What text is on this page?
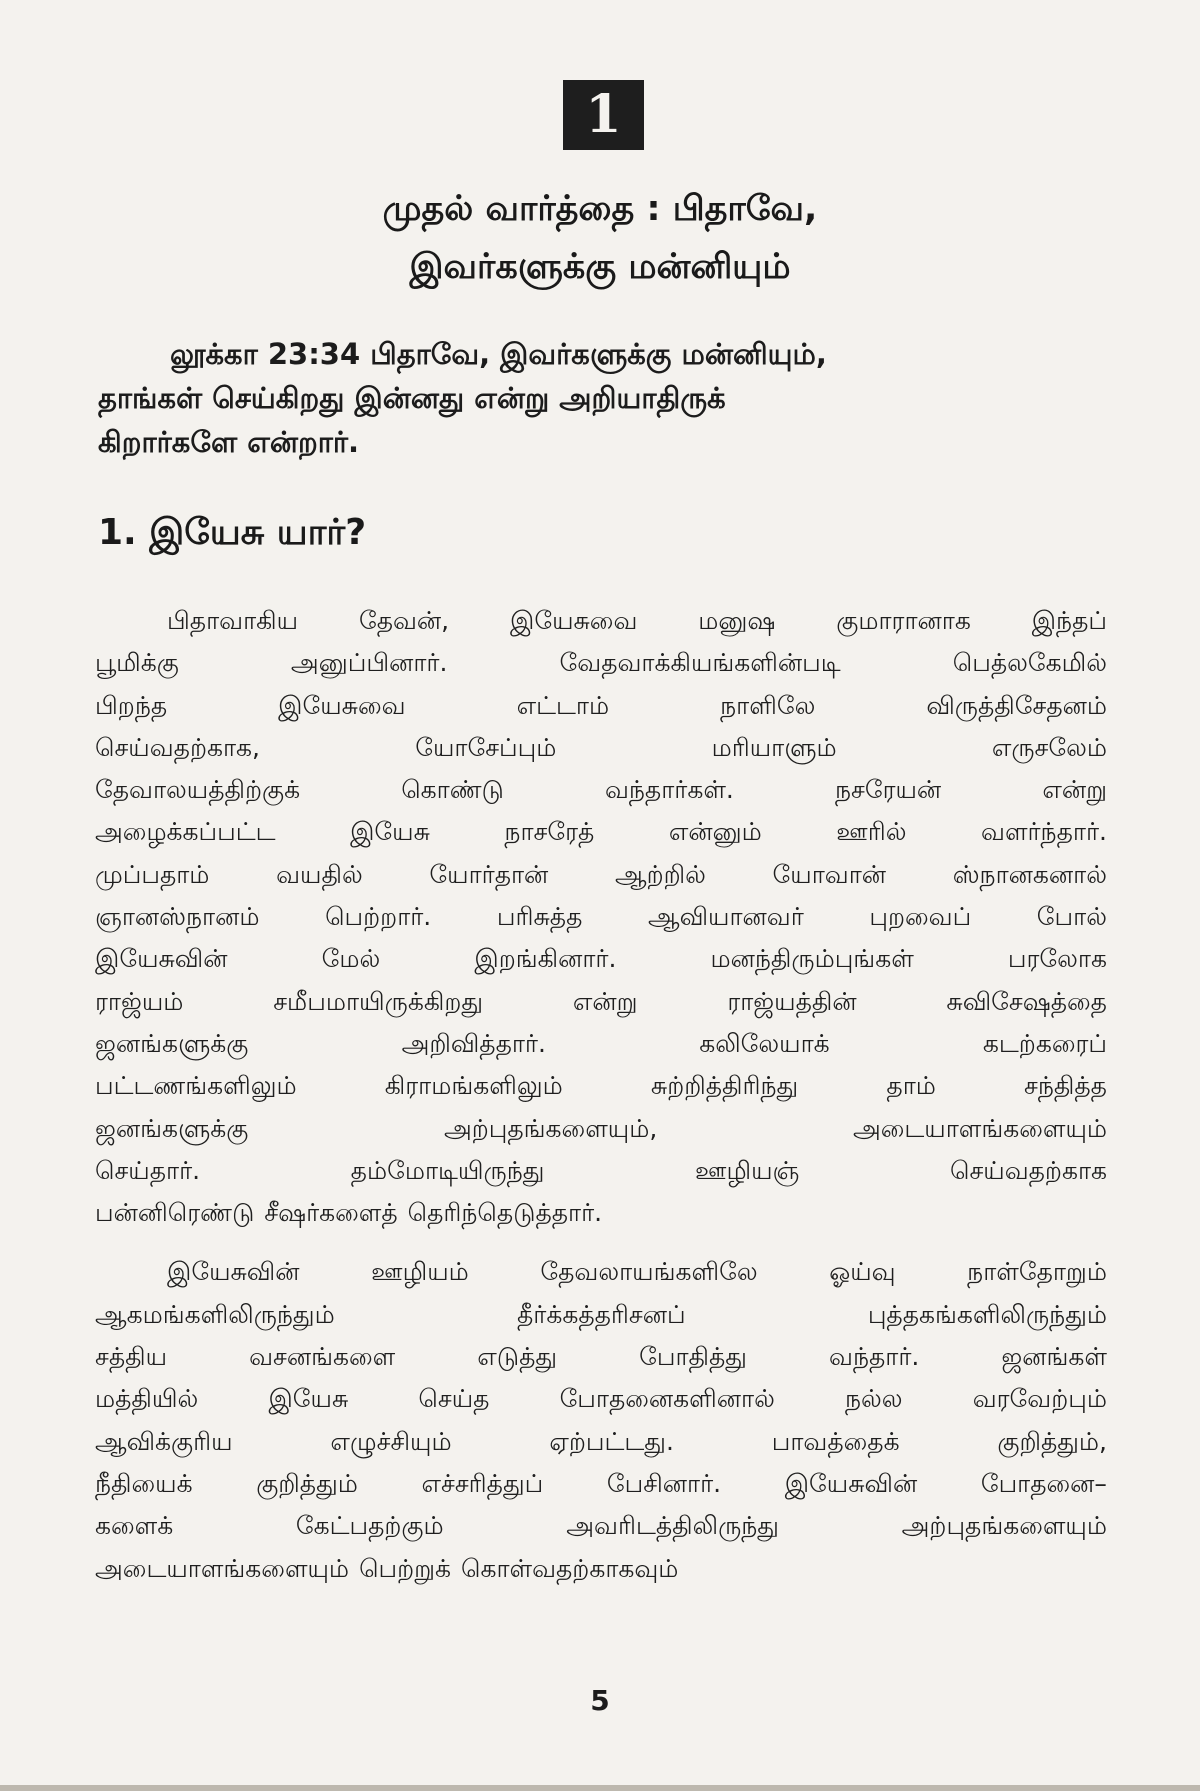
1
முதல் வார்த்தை : பிதாவே,
இவர்களுக்கு மன்னியும்
லூக்கா 23:34 பிதாவே, இவர்களுக்கு மன்னியும்,
தாங்கள் செய்கிறது இன்னது என்று அறியாதிருக்
கிறார்களே என்றார்.
1. இயேசு யார்?
பிதாவாகிய தேவன், இயேசுவை மனுஷ குமாரானாக இந்தப்
பூமிக்கு	அனுப்பினார்.	வேதவாக்கியங்களின்படி	பெத்லகேமில்
பிறந்த	இயேசுவை	எட்டாம்	நாளிலே	விருத்திசேதனம்
செய்வதற்காக,	யோசேப்பும்	மரியாளும்	எருசலேம்
தேவாலயத்திற்குக்	கொண்டு	வந்தார்கள்.	நசரேயன்	என்று
அழைக்கப்பட்ட	இயேசு	நாசரேத்	என்னும்	ஊரில்	வளர்ந்தார்.
முப்பதாம்	வயதில்	யோர்தான்	ஆற்றில்	யோவான்	ஸ்நானகனால்
ஞானஸ்நானம்	பெற்றார்.	பரிசுத்த	ஆவியானவர்	புறவைப்	போல்
இயேசுவின்	மேல்	இறங்கினார்.	மனந்திரும்புங்கள்	பரலோக
ராஜ்யம்	சமீபமாயிருக்கிறது	என்று	ராஜ்யத்தின்	சுவிசேஷத்தை
ஜனங்களுக்கு	அறிவித்தார்.	கலிலேயாக்	கடற்கரைப்
பட்டணங்களிலும்	கிராமங்களிலும்	சுற்றித்திரிந்து	தாம்	சந்தித்த
ஜனங்களுக்கு	அற்புதங்களையும்,	அடையாளங்களையும்
செய்தார்.	தம்மோடியிருந்து	ஊழியஞ்	செய்வதற்காக
பன்னிரெண்டு சீஷர்களைத் தெரிந்தெடுத்தார்.
இயேசுவின்	ஊழியம்	தேவலாயங்களிலே	ஓய்வு	நாள்தோறும்
ஆகமங்களிலிருந்தும்	தீர்க்கத்தரிசனப்	புத்தகங்களிலிருந்தும்
சத்திய	வசனங்களை	எடுத்து	போதித்து	வந்தார்.	ஜனங்கள்
மத்தியில்	இயேசு	செய்த	போதனைகளினால்	நல்ல	வரவேற்பும்
ஆவிக்குரிய	எழுச்சியும்	ஏற்பட்டது.	பாவத்தைக்	குறித்தும்,
நீதியைக்	குறித்தும்	எச்சரித்துப்	பேசினார்.	இயேசுவின்	போதனை–
களைக்	கேட்பதற்கும்	அவரிடத்திலிருந்து	அற்புதங்களையும்
அடையாளங்களையும் பெற்றுக் கொள்வதற்காகவும்
5
